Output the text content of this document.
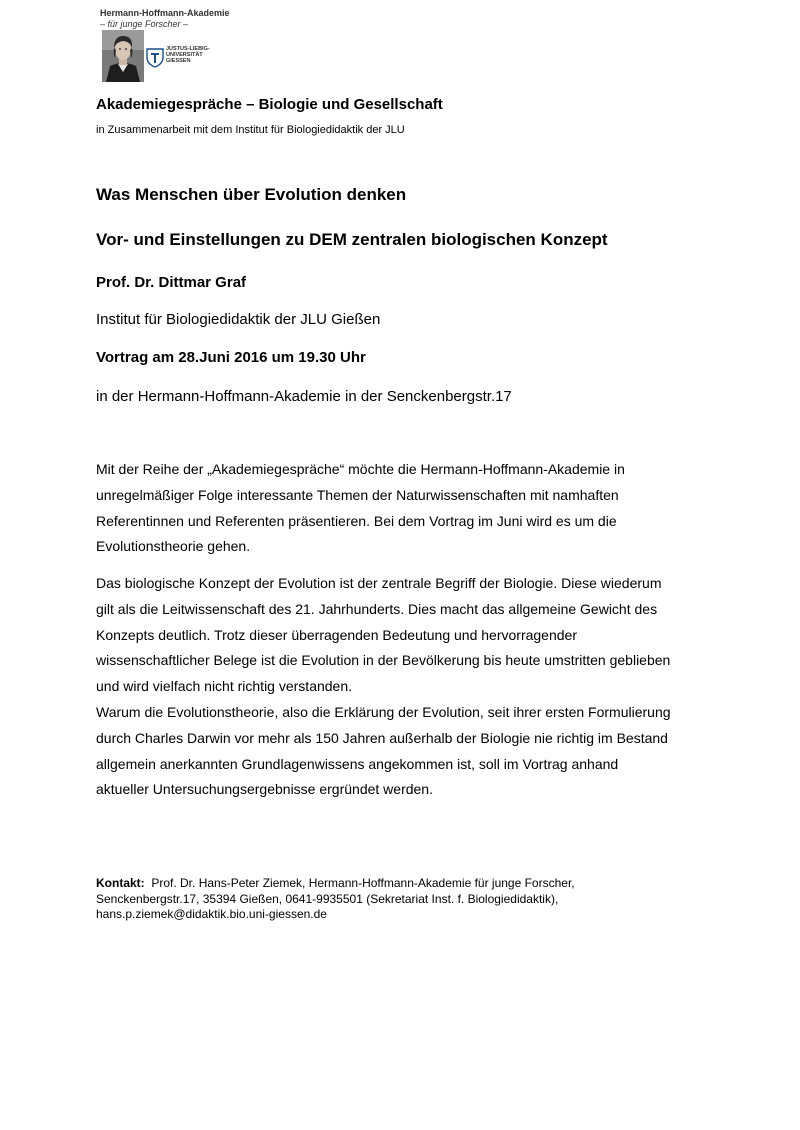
Hermann-Hoffmann-Akademie
– für junge Forscher –
JUSTUS-LIEBIG-
UNIVERSITÄT
GIESSEN
Akademiegespräche – Biologie und Gesellschaft
in Zusammenarbeit mit dem Institut für Biologiedidaktik der JLU
Was Menschen über Evolution denken
Vor- und Einstellungen zu DEM zentralen biologischen Konzept
Prof. Dr. Dittmar Graf
Institut für Biologiedidaktik der JLU Gießen
Vortrag am 28.Juni 2016 um 19.30 Uhr
in der Hermann-Hoffmann-Akademie in der Senckenbergstr.17
Mit der Reihe der „Akademiegespräche“ möchte die Hermann-Hoffmann-Akademie in
unregelmäßiger Folge interessante Themen der Naturwissenschaften mit namhaften
Referentinnen und Referenten präsentieren. Bei dem Vortrag im Juni wird es um die
Evolutionstheorie gehen.
Das biologische Konzept der Evolution ist der zentrale Begriff der Biologie. Diese wiederum
gilt als die Leitwissenschaft des 21. Jahrhunderts. Dies macht das allgemeine Gewicht des
Konzepts deutlich. Trotz dieser überragenden Bedeutung und hervorragender
wissenschaftlicher Belege ist die Evolution in der Bevölkerung bis heute umstritten geblieben
und wird vielfach nicht richtig verstanden.
Warum die Evolutionstheorie, also die Erklärung der Evolution, seit ihrer ersten Formulierung
durch Charles Darwin vor mehr als 150 Jahren außerhalb der Biologie nie richtig im Bestand
allgemein anerkannten Grundlagenwissens angekommen ist, soll im Vortrag anhand
aktueller Untersuchungsergebnisse ergründet werden.
Kontakt: Prof. Dr. Hans-Peter Ziemek, Hermann-Hoffmann-Akademie für junge Forscher,
Senckenbergstr.17, 35394 Gießen, 0641-9935501 (Sekretariat Inst. f. Biologiedidaktik),
hans.p.ziemek@didaktik.bio.uni-giessen.de
